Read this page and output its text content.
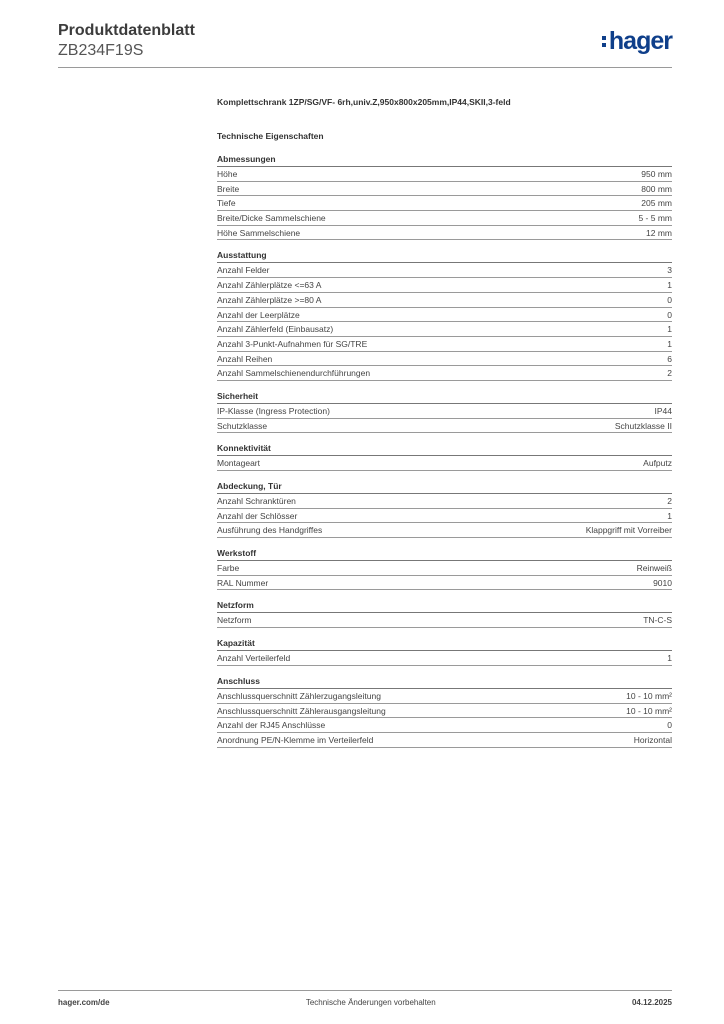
Produktdatenblatt
ZB234F19S	hager
Komplettschrank 1ZP/SG/VF- 6rh,univ.Z,950x800x205mm,IP44,SKII,3-feld
Technische Eigenschaften
Abmessungen
Höhe	950 mm
Breite	800 mm
Tiefe	205 mm
Breite/Dicke Sammelschiene	5 - 5 mm
Höhe Sammelschiene	12 mm
Ausstattung
Anzahl Felder	3
Anzahl Zählerplätze <=63 A	1
Anzahl Zählerplätze >=80 A	0
Anzahl der Leerplätze	0
Anzahl Zählerfeld (Einbausatz)	1
Anzahl 3-Punkt-Aufnahmen für SG/TRE	1
Anzahl Reihen	6
Anzahl Sammelschienendurchführungen	2
Sicherheit
IP-Klasse (Ingress Protection)	IP44
Schutzklasse	Schutzklasse II
Konnektivität
Montageart	Aufputz
Abdeckung, Tür
Anzahl Schranktüren	2
Anzahl der Schlösser	1
Ausführung des Handgriffes	Klappgriff mit Vorreiber
Werkstoff
Farbe	Reinweiß
RAL Nummer	9010
Netzform
Netzform	TN-C-S
Kapazität
Anzahl Verteilerfeld	1
Anschluss
Anschlussquerschnitt Zählerzugangsleitung	10 - 10 mm²
Anschlussquerschnitt Zählerausgangsleitung	10 - 10 mm²
Anzahl der RJ45 Anschlüsse	0
Anordnung PE/N-Klemme im Verteilerfeld	Horizontal
hager.com/de	Technische Änderungen vorbehalten	04.12.2025
